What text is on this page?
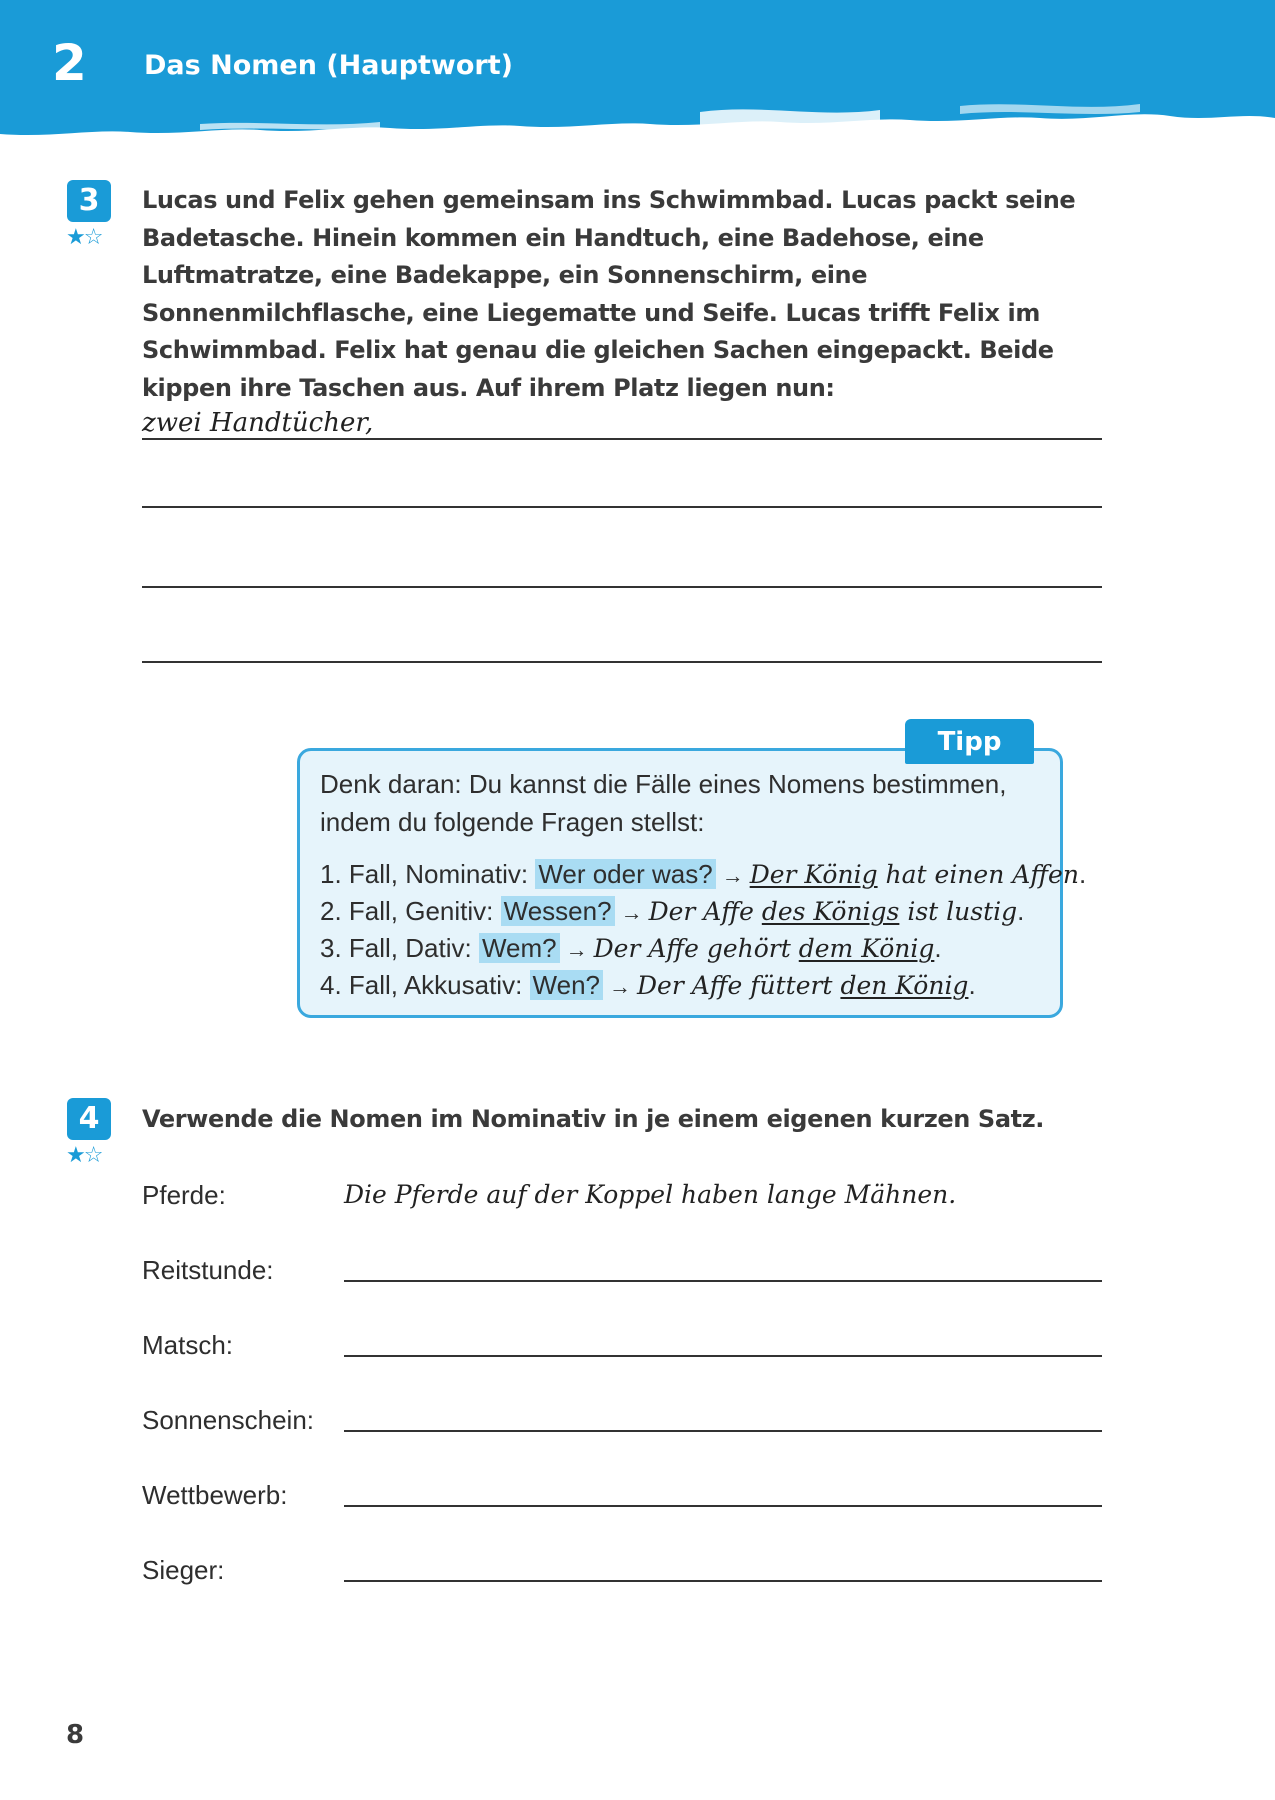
2 Das Nomen (Hauptwort)
3
★☆
Lucas und Felix gehen gemeinsam ins Schwimmbad. Lucas packt seine Badetasche. Hinein kommen ein Handtuch, eine Badehose, eine Luftmatratze, eine Badekappe, ein Sonnenschirm, eine Sonnenmilchflasche, eine Liegematte und Seife. Lucas trifft Felix im Schwimmbad. Felix hat genau die gleichen Sachen eingepackt. Beide kippen ihre Taschen aus. Auf ihrem Platz liegen nun:
zwei Handtücher,
Tipp
Denk daran: Du kannst die Fälle eines Nomens bestimmen, indem du folgende Fragen stellst:
1. Fall, Nominativ: Wer oder was? → Der König hat einen Affen.
2. Fall, Genitiv: Wessen? → Der Affe des Königs ist lustig.
3. Fall, Dativ: Wem? → Der Affe gehört dem König.
4. Fall, Akkusativ: Wen? → Der Affe füttert den König.
4
★☆
Verwende die Nomen im Nominativ in je einem eigenen kurzen Satz.
Pferde:	Die Pferde auf der Koppel haben lange Mähnen.
Reitstunde:
Matsch:
Sonnenschein:
Wettbewerb:
Sieger:
8
